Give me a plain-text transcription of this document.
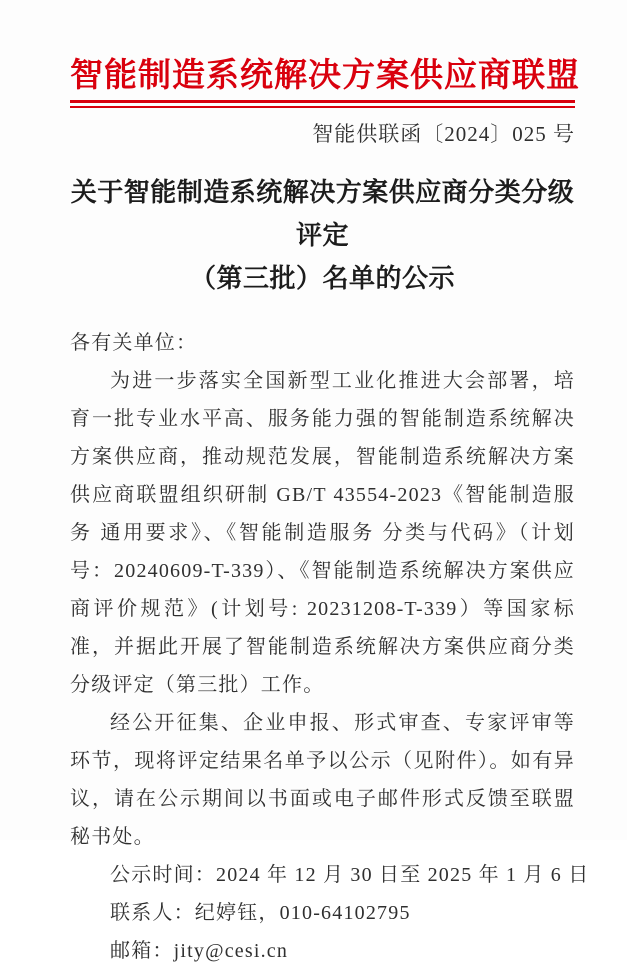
智能制造系统解决方案供应商联盟
智能供联函〔2024〕025 号
关于智能制造系统解决方案供应商分类分级评定
（第三批）名单的公示
各有关单位：

为进一步落实全国新型工业化推进大会部署，培育一批专业水平高、服务能力强的智能制造系统解决方案供应商，推动规范发展，智能制造系统解决方案供应商联盟组织研制 GB/T 43554-2023《智能制造服务 通用要求》、《智能制造服务 分类与代码》（计划号：20240609-T-339）、《智能制造系统解决方案供应商评价规范》(计划号: 20231208-T-339）等国家标准，并据此开展了智能制造系统解决方案供应商分类分级评定（第三批）工作。

经公开征集、企业申报、形式审查、专家评审等环节，现将评定结果名单予以公示（见附件）。如有异议，请在公示期间以书面或电子邮件形式反馈至联盟秘书处。

公示时间：2024 年 12 月 30 日至 2025 年 1 月 6 日
联系人：纪婷钰，010-64102795
邮箱：jity@cesi.cn
